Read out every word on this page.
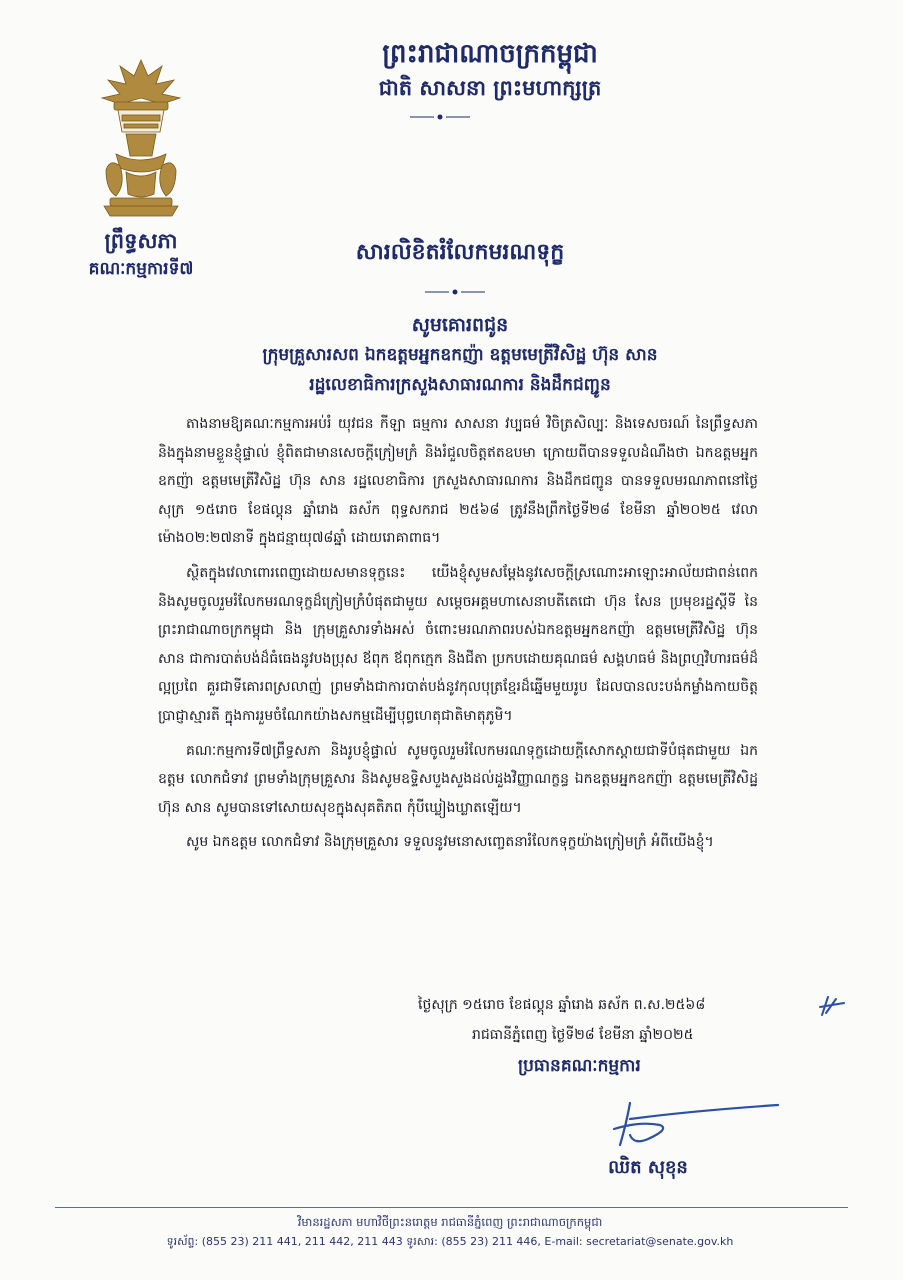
ព្រះរាជាណាចក្រកម្ពុជា
ជាតិ សាសនា ព្រះមហាក្សត្រ
ព្រឹទ្ធសភា
គណៈកម្មការទី៧
សារលិខិតរំលែកមរណទុក្ខ
សូមគោរពជូន
ក្រុមគ្រួសារសព ឯកឧត្តមអ្នកឧកញ៉ា ឧត្តមមេត្រីវិសិដ្ឋ ហ៊ុន សាន
រដ្ឋលេខាធិការក្រសួងសាធារណការ និងដឹកជញ្ជូន

តាងនាមឱ្យគណៈកម្មការអប់រំ យុវជន កីឡា ធម្មការ សាសនា វប្បធម៌ វិចិត្រសិល្បៈ និងទេសចរណ៍ នៃព្រឹទ្ធសភា និងក្នុងនាមខ្លួនខ្ញុំផ្ទាល់ ខ្ញុំពិតជាមានសេចក្ដីក្រៀមក្រំ និងរំជួលចិត្តឥតឧបមា ក្រោយពីបានទទួលដំណឹងថា ឯកឧត្តមអ្នកឧកញ៉ា ឧត្តមមេត្រីវិសិដ្ឋ ហ៊ុន សាន រដ្ឋលេខាធិការ ក្រសួងសាធារណការ និងដឹកជញ្ជូន បានទទួលមរណភាពនៅថ្ងៃសុក្រ ១៥រោច ខែផល្គុន ឆ្នាំរោង ឆស័ក ពុទ្ធសករាជ ២៥៦៨ ត្រូវនឹងព្រឹកថ្ងៃទី២៨ ខែមីនា ឆ្នាំ២០២៥ វេលាម៉ោង០២:២៧នាទី ក្នុងជន្មាយុ៧៨ឆ្នាំ ដោយរោគាពាធ។

ស្ថិតក្នុងវេលាពោរពេញដោយសមានទុក្ខនេះ យើងខ្ញុំសូមសម្ដែងនូវសេចក្ដីស្រណោះអាឡោះអាល័យជាពន់ពេក និងសូមចូលរួមរំលែកមរណទុក្ខដ៏ក្រៀមក្រំបំផុតជាមួយ សម្ដេចអគ្គមហាសេនាបតីតេជោ ហ៊ុន សែន ប្រមុខរដ្ឋស្ដីទី នៃព្រះរាជាណាចក្រកម្ពុជា និង ក្រុមគ្រួសារទាំងអស់ ចំពោះមរណភាពរបស់ឯកឧត្តមអ្នកឧកញ៉ា ឧត្តមមេត្រីវិសិដ្ឋ ហ៊ុន សាន ជាការបាត់បង់ដ៏ធំធេងនូវបងប្រុស ឪពុក ឪពុកក្មេក និងជីតា ប្រកបដោយគុណធម៌ សង្គហធម៌ និងព្រហ្មវិហារធម៌ដ៏ល្អប្រពៃ គួរជាទីគោរពស្រលាញ់ ព្រមទាំងជាការបាត់បង់នូវកុលបុត្រខ្មែរដ៏ឆ្នើមមួយរូប ដែលបានលះបង់កម្លាំងកាយចិត្ត ប្រាជ្ញាស្មារតី ក្នុងការរួមចំណែកយ៉ាងសកម្មដើម្បីបុព្វហេតុជាតិមាតុភូមិ។

គណៈកម្មការទី៧ព្រឹទ្ធសភា និងរូបខ្ញុំផ្ទាល់ សូមចូលរួមរំលែកមរណទុក្ខដោយក្ដីសោកស្ដាយជាទីបំផុតជាមួយ ឯកឧត្តម លោកជំទាវ ព្រមទាំងក្រុមគ្រួសារ និងសូមឧទ្ទិសបួងសួងដល់ដួងវិញ្ញាណក្ខន្ធ ឯកឧត្តមអ្នកឧកញ៉ា ឧត្តមមេត្រីវិសិដ្ឋ ហ៊ុន សាន សូមបានទៅសោយសុខក្នុងសុគតិភព កុំបីឃ្លៀងឃ្លាតឡើយ។

សូម ឯកឧត្តម លោកជំទាវ និងក្រុមគ្រួសារ ទទួលនូវមនោសញ្ចេតនារំលែកទុក្ខយ៉ាងក្រៀមក្រំ អំពីយើងខ្ញុំ។

ថ្ងៃសុក្រ ១៥រោច ខែផល្គុន ឆ្នាំរោង ឆស័ក ព.ស.២៥៦៨
រាជធានីភ្នំពេញ ថ្ងៃទី២៨ ខែមីនា ឆ្នាំ២០២៥
ប្រធានគណៈកម្មការ
ឈិត សុខុន
វិមានរដ្ឋសភា មហាវិថីព្រះនរោត្តម រាជធានីភ្នំពេញ ព្រះរាជាណាចក្រកម្ពុជា
ទូរស័ព្ទ: (855 23) 211 441, 211 442, 211 443 ទូរសារ: (855 23) 211 446, E-mail: secretariat@senate.gov.kh
